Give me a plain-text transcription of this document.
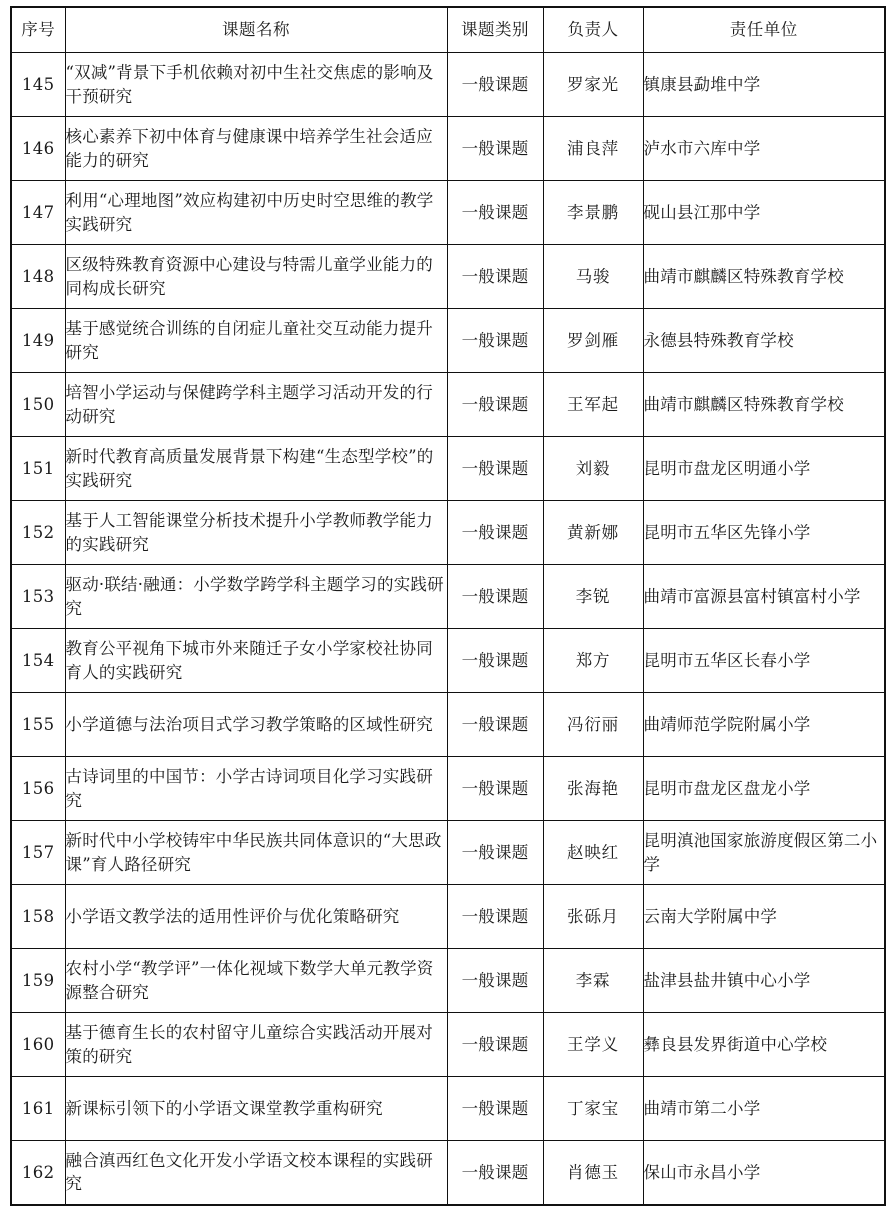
序号	课题名称	课题类别	负责人	责任单位
145	“双减”背景下手机依赖对初中生社交焦虑的影响及干预研究	一般课题	罗家光	镇康县勐堆中学
146	核心素养下初中体育与健康课中培养学生社会适应能力的研究	一般课题	浦良萍	泸水市六库中学
147	利用“心理地图”效应构建初中历史时空思维的教学实践研究	一般课题	李景鹏	砚山县江那中学
148	区级特殊教育资源中心建设与特需儿童学业能力的同构成长研究	一般课题	马骏	曲靖市麒麟区特殊教育学校
149	基于感觉统合训练的自闭症儿童社交互动能力提升研究	一般课题	罗剑雁	永德县特殊教育学校
150	培智小学运动与保健跨学科主题学习活动开发的行动研究	一般课题	王军起	曲靖市麒麟区特殊教育学校
151	新时代教育高质量发展背景下构建“生态型学校”的实践研究	一般课题	刘毅	昆明市盘龙区明通小学
152	基于人工智能课堂分析技术提升小学教师教学能力的实践研究	一般课题	黄新娜	昆明市五华区先锋小学
153	驱动·联结·融通：小学数学跨学科主题学习的实践研究	一般课题	李锐	曲靖市富源县富村镇富村小学
154	教育公平视角下城市外来随迁子女小学家校社协同育人的实践研究	一般课题	郑方	昆明市五华区长春小学
155	小学道德与法治项目式学习教学策略的区域性研究	一般课题	冯衍丽	曲靖师范学院附属小学
156	古诗词里的中国节：小学古诗词项目化学习实践研究	一般课题	张海艳	昆明市盘龙区盘龙小学
157	新时代中小学校铸牢中华民族共同体意识的“大思政课”育人路径研究	一般课题	赵映红	昆明滇池国家旅游度假区第二小学
158	小学语文教学法的适用性评价与优化策略研究	一般课题	张砾月	云南大学附属中学
159	农村小学“教学评”一体化视域下数学大单元教学资源整合研究	一般课题	李霖	盐津县盐井镇中心小学
160	基于德育生长的农村留守儿童综合实践活动开展对策的研究	一般课题	王学义	彝良县发界街道中心学校
161	新课标引领下的小学语文课堂教学重构研究	一般课题	丁家宝	曲靖市第二小学
162	融合滇西红色文化开发小学语文校本课程的实践研究	一般课题	肖德玉	保山市永昌小学
